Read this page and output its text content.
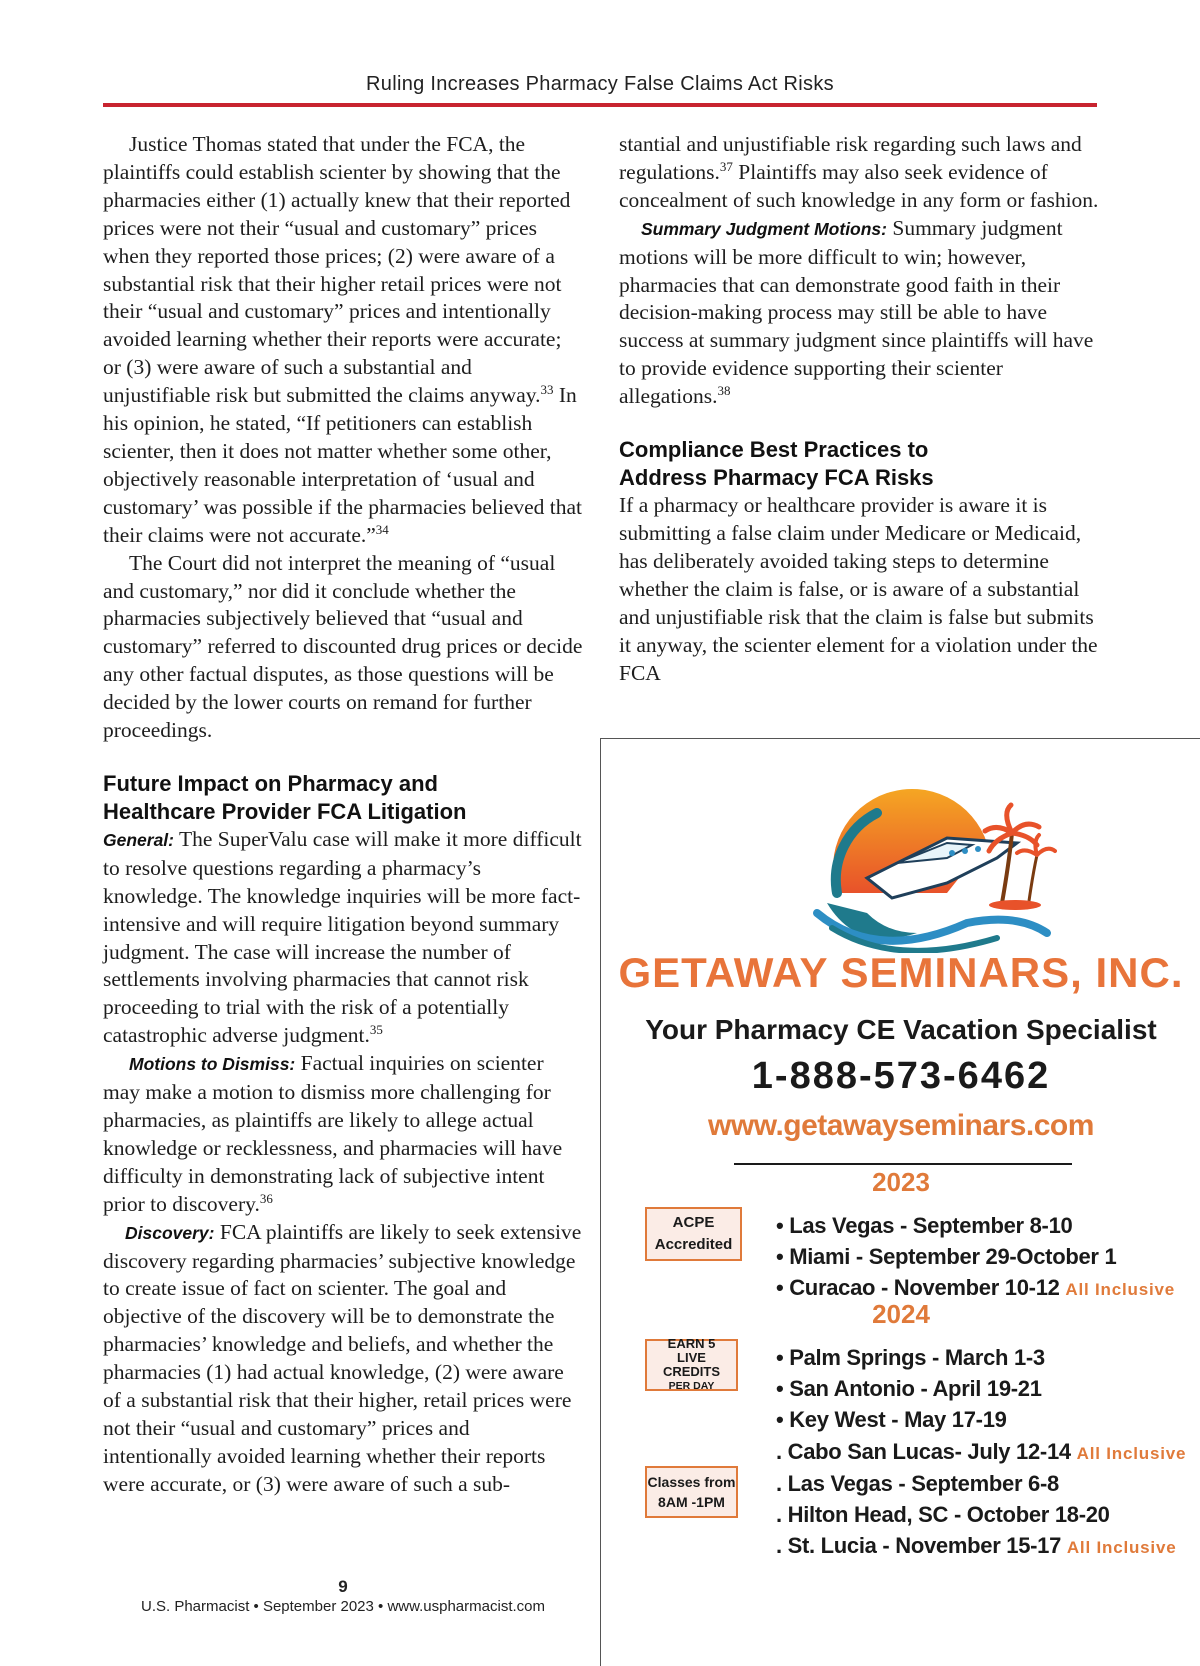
Ruling Increases Pharmacy False Claims Act Risks

Justice Thomas stated that under the FCA, the plaintiffs could establish scienter by showing that the pharmacies either (1) actually knew that their reported prices were not their “usual and customary” prices when they reported those prices; (2) were aware of a substantial risk that their higher retail prices were not their “usual and customary” prices and intentionally avoided learning whether their reports were accurate; or (3) were aware of such a substantial and unjustifiable risk but submitted the claims anyway.$^{33}$ In his opinion, he stated, “If petitioners can establish scienter, then it does not matter whether some other, objectively reasonable interpretation of ‘usual and customary’ was possible if the pharmacies believed that their claims were not accurate.”$^{34}$

The Court did not interpret the meaning of “usual and customary,” nor did it conclude whether the pharmacies subjectively believed that “usual and customary” referred to discounted drug prices or decide any other factual disputes, as those questions will be decided by the lower courts on remand for further proceedings.

Future Impact on Pharmacy and
Healthcare Provider FCA Litigation

General: The SuperValu case will make it more difficult to resolve questions regarding a pharmacy’s knowledge. The knowledge inquiries will be more fact-intensive and will require litigation beyond summary judgment. The case will increase the number of settlements involving pharmacies that cannot risk proceeding to trial with the risk of a potentially catastrophic adverse judgment.$^{35}$

Motions to Dismiss: Factual inquiries on scienter may make a motion to dismiss more challenging for pharmacies, as plaintiffs are likely to allege actual knowledge or recklessness, and pharmacies will have difficulty in demonstrating lack of subjective intent prior to discovery.$^{36}$

Discovery: FCA plaintiffs are likely to seek extensive discovery regarding pharmacies’ subjective knowledge to create issue of fact on scienter. The goal and objective of the discovery will be to demonstrate the pharmacies’ knowledge and beliefs, and whether the pharmacies (1) had actual knowledge, (2) were aware of a substantial risk that their higher, retail prices were not their “usual and customary” prices and intentionally avoided learning whether their reports were accurate, or (3) were aware of such a sub-

stantial and unjustifiable risk regarding such laws and regulations.$^{37}$ Plaintiffs may also seek evidence of concealment of such knowledge in any form or fashion.

Summary Judgment Motions: Summary judgment motions will be more difficult to win; however, pharmacies that can demonstrate good faith in their decision-making process may still be able to have success at summary judgment since plaintiffs will have to provide evidence supporting their scienter allegations.$^{38}$

Compliance Best Practices to
Address Pharmacy FCA Risks

If a pharmacy or healthcare provider is aware it is submitting a false claim under Medicare or Medicaid, has deliberately avoided taking steps to determine whether the claim is false, or is aware of a substantial and unjustifiable risk that the claim is false but submits it anyway, the scienter element for a violation under the FCA

GETAWAY SEMINARS, INC.
Your Pharmacy CE Vacation Specialist
1-888-573-6462
www.getawayseminars.com
2023
ACPE
Accredited
• Las Vegas - September 8-10
• Miami - September 29-October 1
• Curacao - November 10-12 All Inclusive
2024
EARN 5
LIVE CREDITS
PER DAY
• Palm Springs - March 1-3
• San Antonio - April 19-21
• Key West - May 17-19
. Cabo San Lucas- July 12-14 All Inclusive
. Las Vegas - September 6-8
. Hilton Head, SC - October 18-20
. St. Lucia - November 15-17 All Inclusive
Classes from
8AM -1PM
9
U.S. Pharmacist • September 2023 • www.uspharmacist.com
